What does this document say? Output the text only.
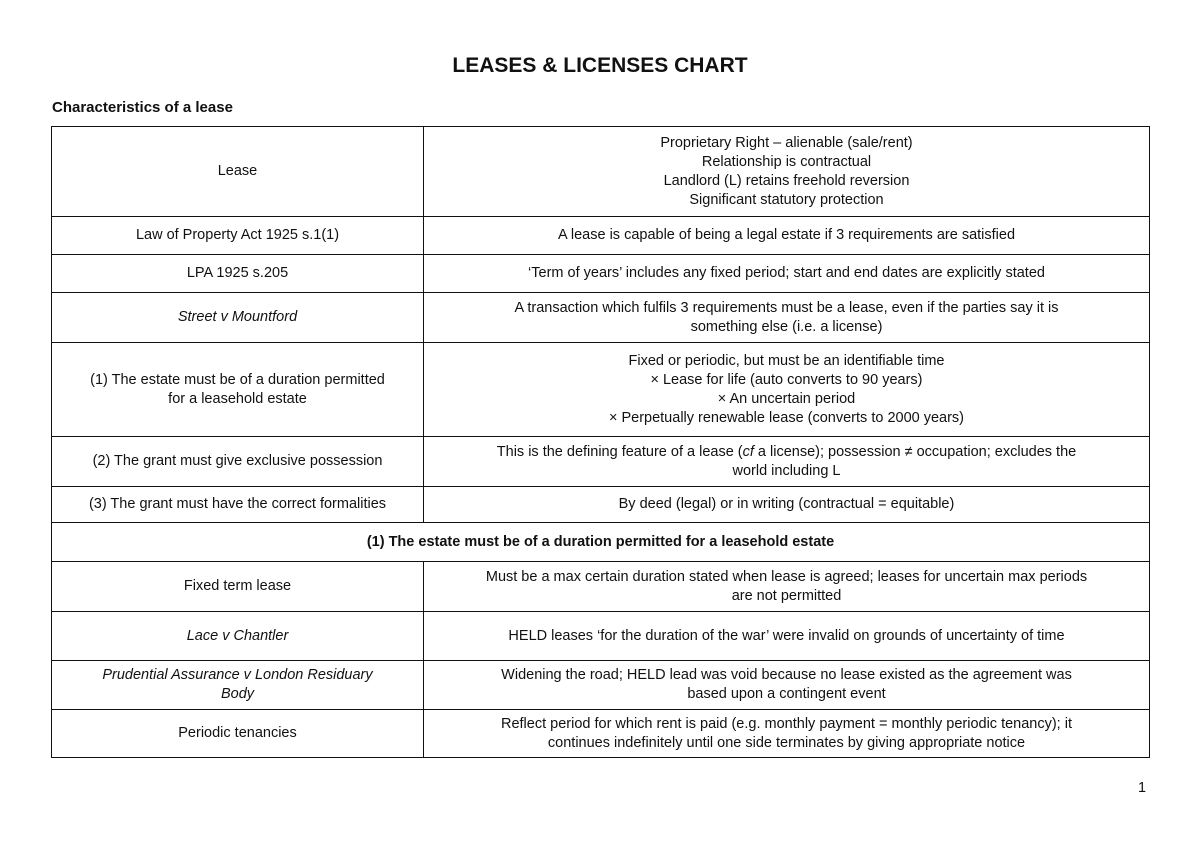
LEASES & LICENSES CHART
Characteristics of a lease
Lease	Proprietary Right – alienable (sale/rent)
Relationship is contractual
Landlord (L) retains freehold reversion
Significant statutory protection

Law of Property Act 1925 s.1(1)	A lease is capable of being a legal estate if 3 requirements are satisfied

LPA 1925 s.205	‘Term of years’ includes any fixed period; start and end dates are explicitly stated

Street v Mountford	A transaction which fulfils 3 requirements must be a lease, even if the parties say it is
something else (i.e. a license)

(1) The estate must be of a duration permitted
for a leasehold estate	Fixed or periodic, but must be an identifiable time
× Lease for life (auto converts to 90 years)
× An uncertain period
× Perpetually renewable lease (converts to 2000 years)

(2) The grant must give exclusive possession	This is the defining feature of a lease (cf a license); possession ≠ occupation; excludes the
world including L

(3) The grant must have the correct formalities	By deed (legal) or in writing (contractual = equitable)

(1) The estate must be of a duration permitted for a leasehold estate	
Fixed term lease	Must be a max certain duration stated when lease is agreed; leases for uncertain max periods
are not permitted

Lace v Chantler	HELD leases ‘for the duration of the war’ were invalid on grounds of uncertainty of time

Prudential Assurance v London Residuary
Body	Widening the road; HELD lead was void because no lease existed as the agreement was
based upon a contingent event

Periodic tenancies	Reflect period for which rent is paid (e.g. monthly payment = monthly periodic tenancy); it
continues indefinitely until one side terminates by giving appropriate notice
1
